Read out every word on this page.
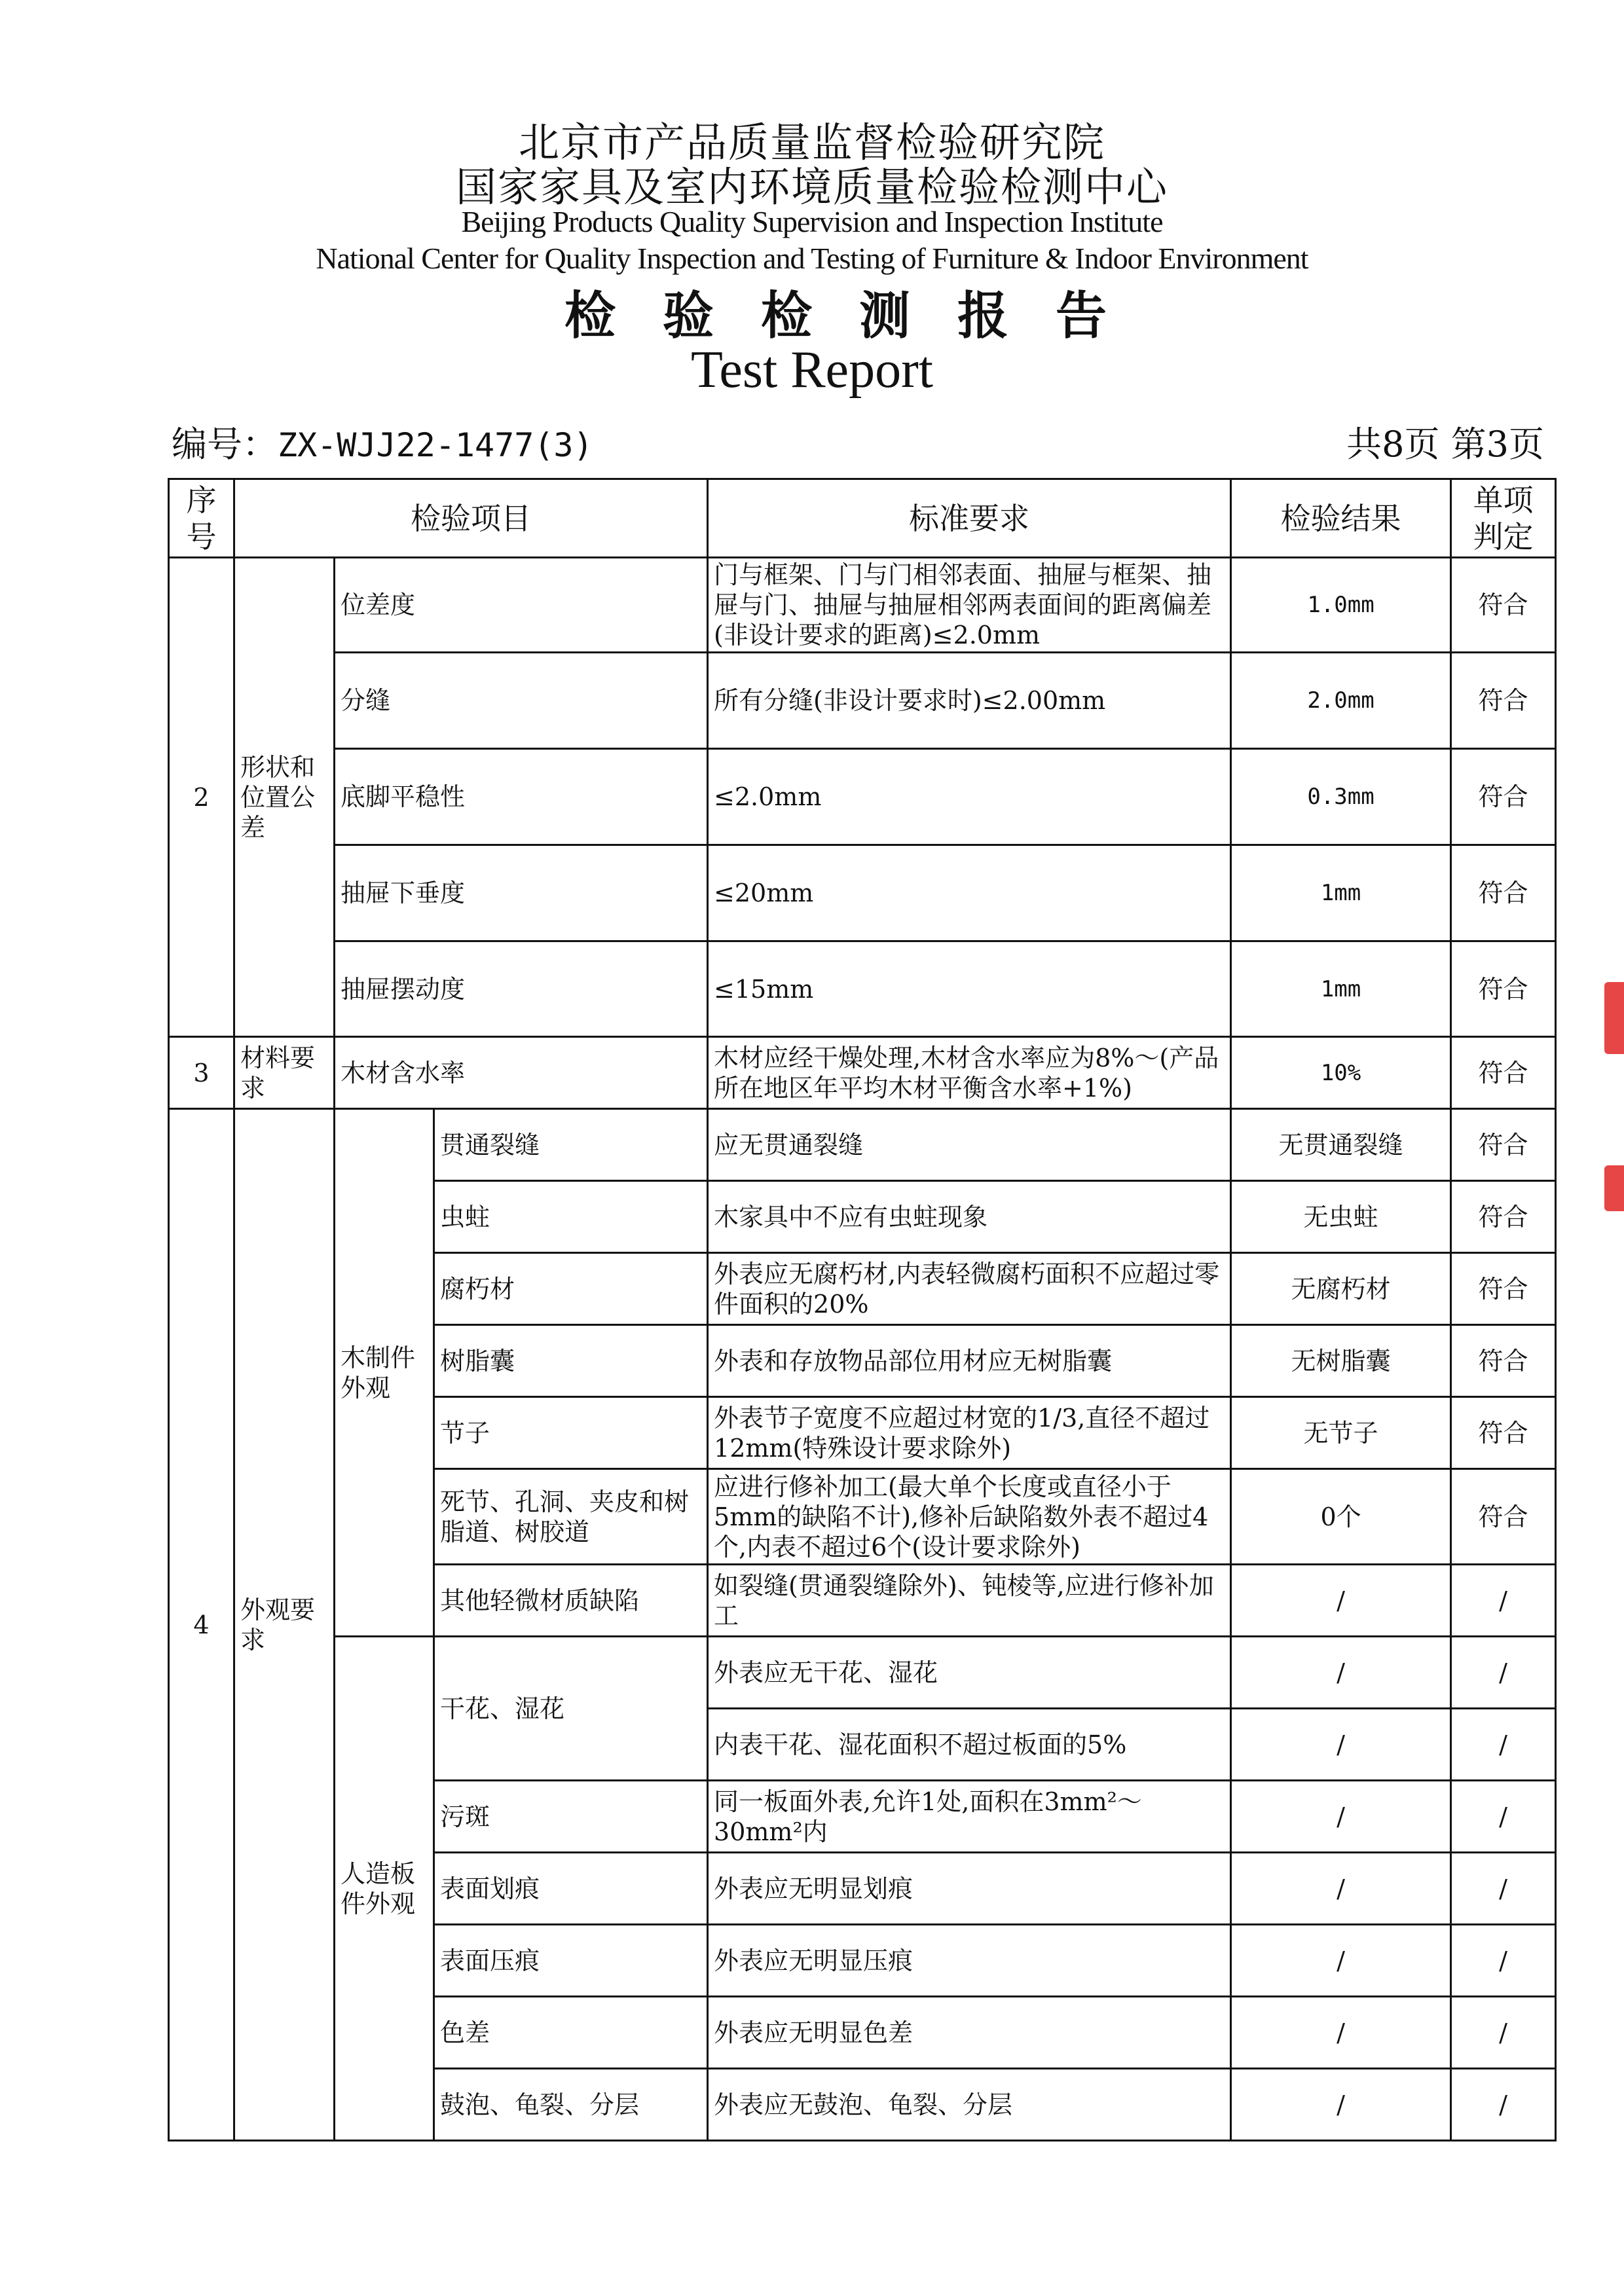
北京市产品质量监督检验研究院
国家家具及室内环境质量检验检测中心
Beijing Products Quality Supervision and Inspection Institute
National Center for Quality Inspection and Testing of Furniture & Indoor Environment
检验检测报告
Test Report
编号：ZX-WJJ22-1477(3)	共8页 第3页
序号	检验项目			标准要求	检验结果	单项判定
2	形状和位置公差	位差度		门与框架、门与门相邻表面、抽屉与框架、抽屉与门、抽屉与抽屉相邻两表面间的距离偏差(非设计要求的距离)≤2.0mm	1.0mm	符合
		分缝		所有分缝(非设计要求时)≤2.00mm	2.0mm	符合
		底脚平稳性		≤2.0mm	0.3mm	符合
		抽屉下垂度		≤20mm	1mm	符合
		抽屉摆动度		≤15mm	1mm	符合
3	材料要求	木材含水率		木材应经干燥处理,木材含水率应为8%～(产品所在地区年平均木材平衡含水率+1%)	10%	符合
4	外观要求	木制件外观	贯通裂缝	应无贯通裂缝	无贯通裂缝	符合
			虫蛀	木家具中不应有虫蛀现象	无虫蛀	符合
			腐朽材	外表应无腐朽材,内表轻微腐朽面积不应超过零件面积的20%	无腐朽材	符合
			树脂囊	外表和存放物品部位用材应无树脂囊	无树脂囊	符合
			节子	外表节子宽度不应超过材宽的1/3,直径不超过12mm(特殊设计要求除外)	无节子	符合
			死节、孔洞、夹皮和树脂道、树胶道	应进行修补加工(最大单个长度或直径小于5mm的缺陷不计),修补后缺陷数外表不超过4个,内表不超过6个(设计要求除外)	0个	符合
			其他轻微材质缺陷	如裂缝(贯通裂缝除外)、钝棱等,应进行修补加工	/	/
		人造板件外观	干花、湿花	外表应无干花、湿花	/	/
				内表干花、湿花面积不超过板面的5%	/	/
			污斑	同一板面外表,允许1处,面积在3mm²～30mm²内	/	/
			表面划痕	外表应无明显划痕	/	/
			表面压痕	外表应无明显压痕	/	/
			色差	外表应无明显色差	/	/
			鼓泡、龟裂、分层	外表应无鼓泡、龟裂、分层	/	/
